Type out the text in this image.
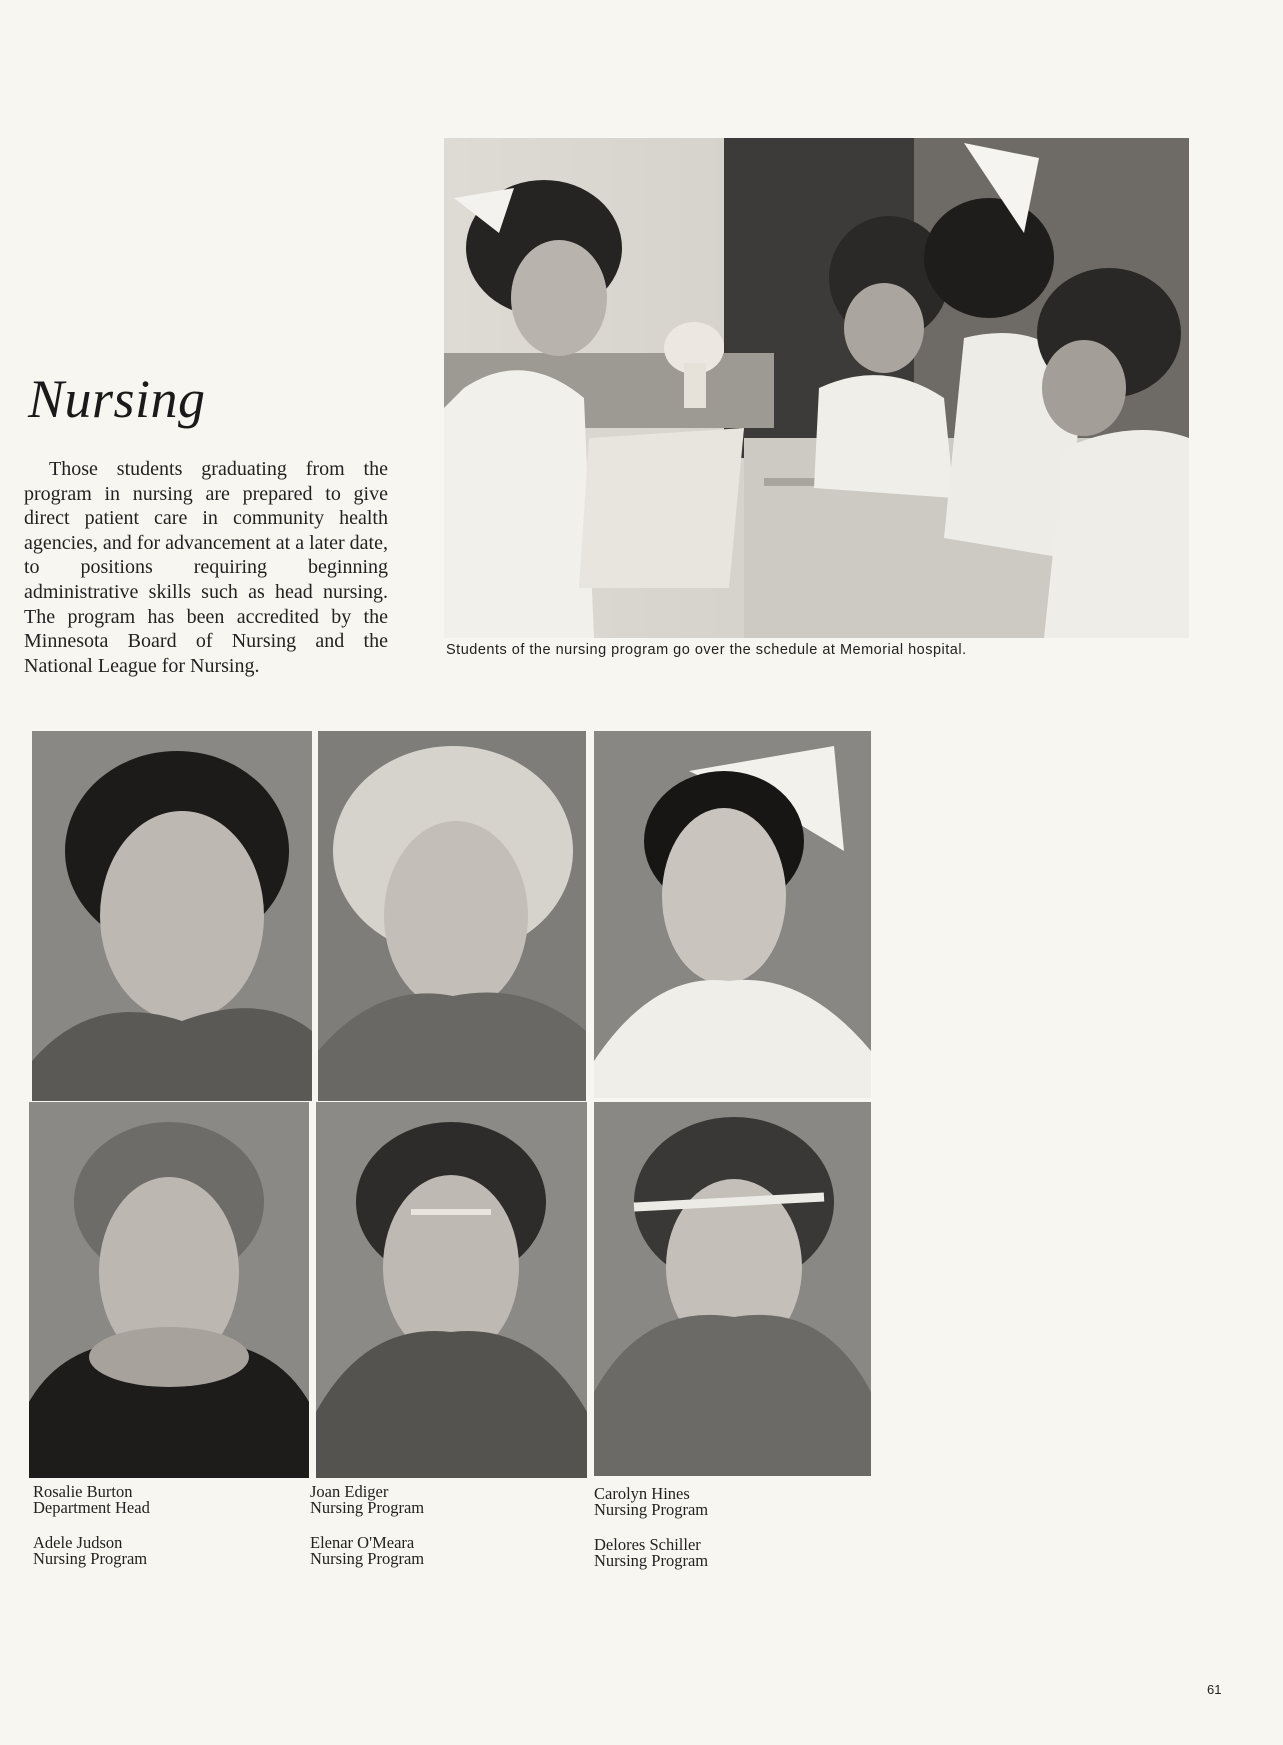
Nursing

Those students graduating from the program in nursing are prepared to give direct patient care in community health agencies, and for advancement at a later date, to positions requiring beginning administrative skills such as head nursing. The program has been accredited by the Minnesota Board of Nursing and the National League for Nursing.

Students of the nursing program go over the schedule at Memorial hospital.
Rosalie Burton
Department Head
Adele Judson
Nursing Program
Joan Ediger
Nursing Program
Elenar O'Meara
Nursing Program
Carolyn Hines
Nursing Program
Delores Schiller
Nursing Program
61
